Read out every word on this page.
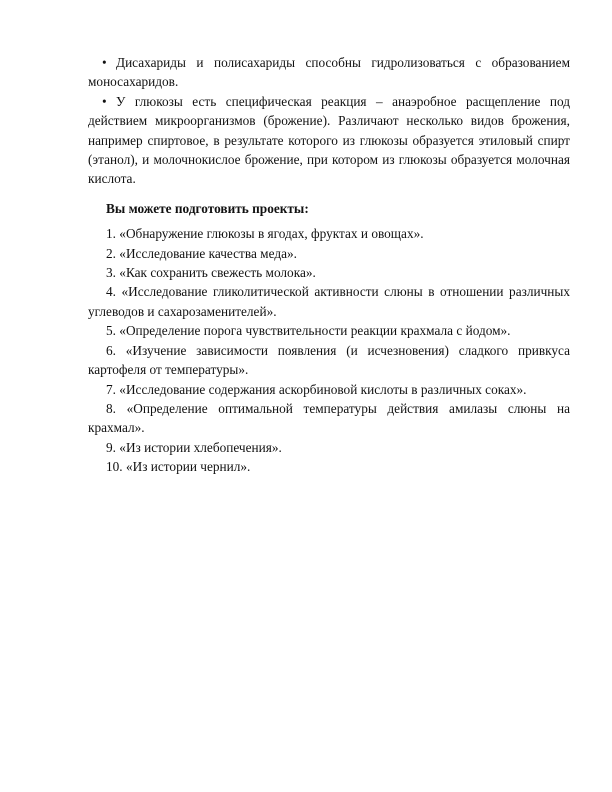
• Дисахариды и полисахариды способны гидролизоваться с образованием моносахаридов.

• У глюкозы есть специфическая реакция – анаэробное расщепление под действием микроорганизмов (брожение). Различают несколько видов брожения, например спиртовое, в результате которого из глюкозы образуется этиловый спирт (этанол), и молочнокислое брожение, при котором из глюкозы образуется молочная кислота.

Вы можете подготовить проекты:

1. «Обнаружение глюкозы в ягодах, фруктах и овощах».

2. «Исследование качества меда».

3. «Как сохранить свежесть молока».

4. «Исследование гликолитической активности слюны в отношении различных углеводов и сахарозаменителей».

5. «Определение порога чувствительности реакции крахмала с йодом».

6. «Изучение зависимости появления (и исчезновения) сладкого привкуса картофеля от температуры».

7. «Исследование содержания аскорбиновой кислоты в различных соках».

8. «Определение оптимальной температуры действия амилазы слюны на крахмал».

9. «Из истории хлебопечения».

10. «Из истории чернил».
